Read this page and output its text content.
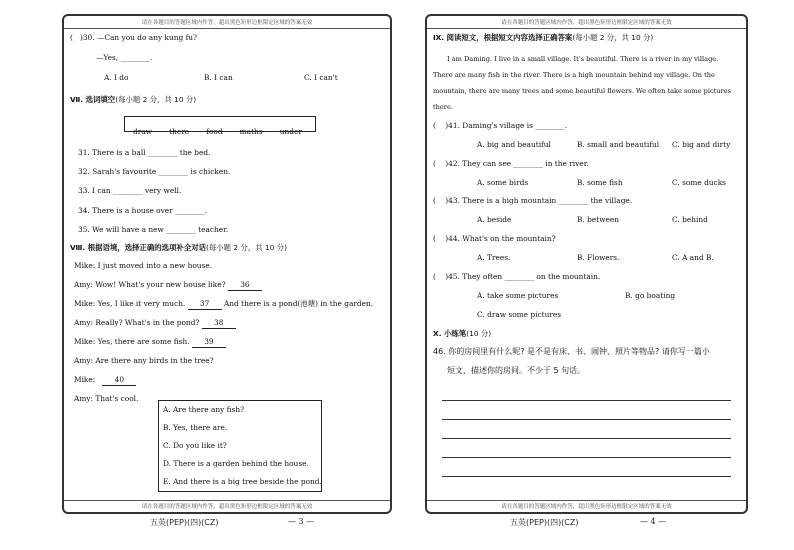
请在各题目的答题区域内作答，超出黑色矩形边框限定区域的答案无效
( )30. —Can you do any kung fu?
—Yes, ________.
A. I do	B. I can	C. I can't
Ⅶ. 选词填空(每小题 2 分，共 10 分)
draw there food maths under
31. There is a ball ________ the bed.
32. Sarah's favourite ________ is chicken.
33. I can ________ very well.
34. There is a house over ________.
35. We will have a new ________ teacher.
Ⅷ. 根据语境，选择正确的选项补全对话(每小题 2 分，共 10 分)
Mike: I just moved into a new house.
Amy: Wow! What's your new house like? 36
Mike: Yes, I like it very much. 37 And there is a pond(池塘) in the garden.
Amy: Really? What's in the pond? 38
Mike: Yes, there are some fish. 39
Amy: Are there any birds in the tree?
Mike:	40
Amy: That's cool.
A. Are there any fish?
B. Yes, there are.
C. Do you like it?
D. There is a garden behind the house.
E. And there is a big tree beside the pond.
请在各题目的答题区域内作答，超出黑色矩形边框限定区域的答案无效
五英(PEP)(四)(CZ)	— 3 —
请在各题目的答题区域内作答，超出黑色矩形边框限定区域的答案无效
Ⅸ. 阅读短文，根据短文内容选择正确答案(每小题 2 分，共 10 分)
I am Daming. I live in a small village. It's beautiful. There is a river in my village.
There are many fish in the river. There is a high mountain behind my village. On the
mountain, there are many trees and some beautiful flowers. We often take some pictures
there.
(    )41. Daming's village is ________.
A. big and beautiful	B. small and beautiful C. big and dirty
(    )42. They can see ________ in the river.
A. some birds	B. some fish	C. some ducks
(    )43. There is a high mountain ________ the village.
A. beside	B. between	C. behind
(    )44. What's on the mountain?
A. Trees.	B. Flowers.	C. A and B.
(    )45. They often ________ on the mountain.
A. take some pictures	B. go boating
C. draw some pictures
Ⅹ. 小练笔(10 分)
46. 你的房间里有什么呢? 是不是有床、书、闹钟、照片等物品? 请你写一篇小
短文，描述你的房间。不少于 5 句话。
请在各题目的答题区域内作答，超出黑色矩形边框限定区域的答案无效
五英(PEP)(四)(CZ)	— 4 —
